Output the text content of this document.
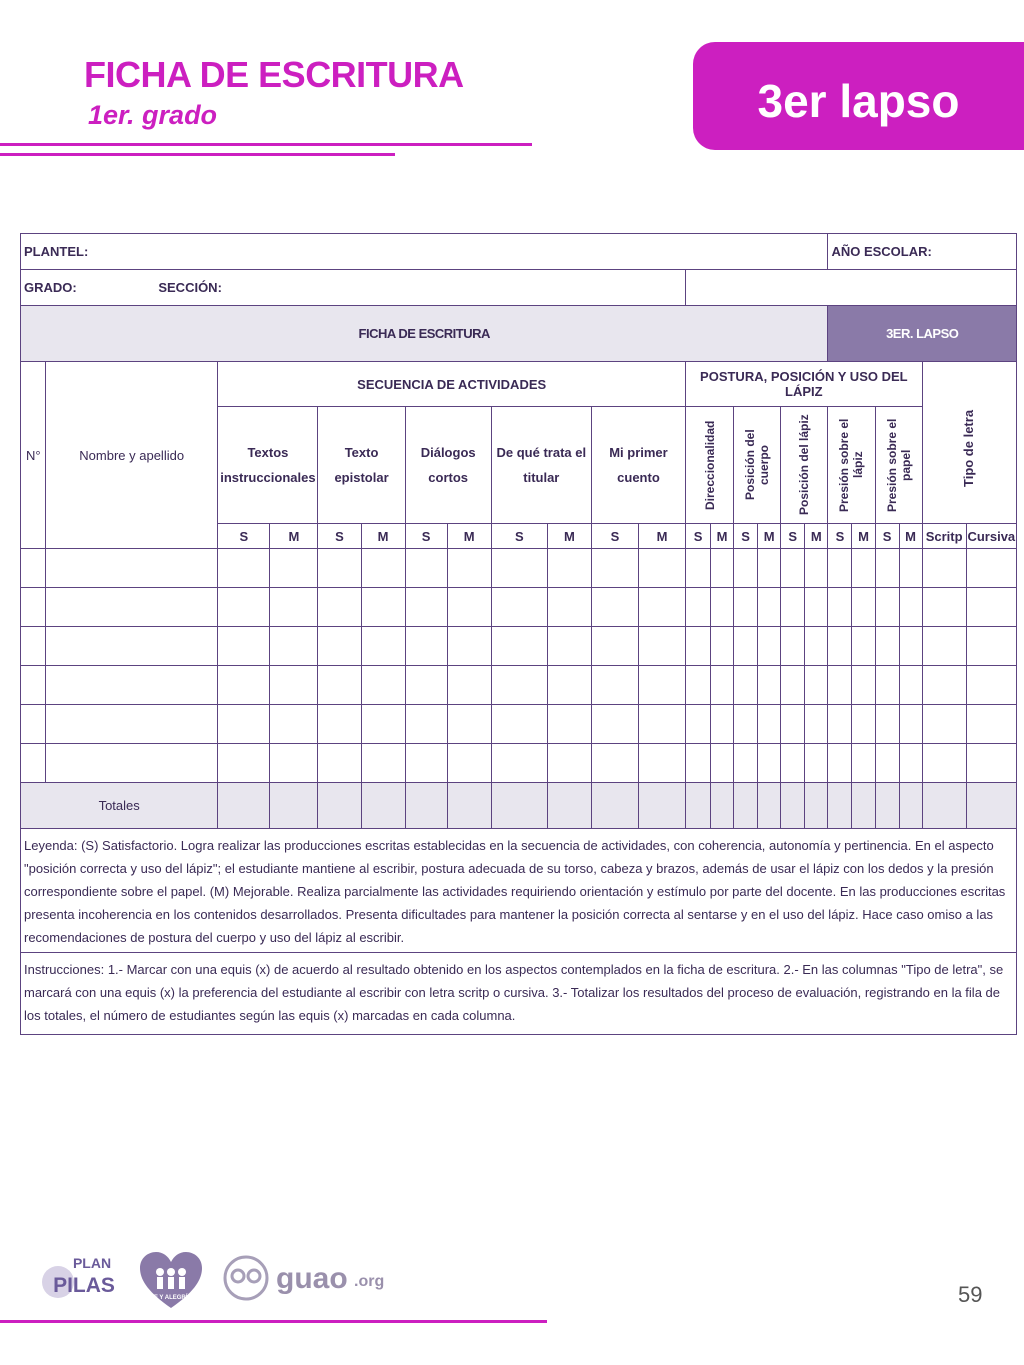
FICHA DE ESCRITURA
1er. grado	3er lapso
PLANTEL:																		AÑO ESCOLAR:					
GRADO: SECCIÓN:																							
FICHA DE ESCRITURA																		3ER. LAPSO					
N°	Nombre y apellido	SECUENCIA DE ACTIVIDADES										POSTURA, POSICIÓN Y USO DEL LÁPIZ										Tipo de letra	

		Textos instruccionales		Texto epistolar		Diálogos cortos		De qué trata el titular		Mi primer cuento		Direccionalidad		Posición del cuerpo		Posición del lápiz		Presión sobre el lápiz		Presión sobre el papel			

		S	M	S	M	S	M	S	M	S	M	S	M	S	M	S	M	S	M	S	M	Scritp	Cursiva

Totales																							
Leyenda: (S) Satisfactorio. Logra realizar las producciones escritas establecidas en la secuencia de actividades, con coherencia, autonomía y pertinencia. En el aspecto "posición correcta y uso del lápiz"; el estudiante mantiene al escribir, postura adecuada de su torso, cabeza y brazos, además de usar el lápiz con los dedos y la presión correspondiente sobre el papel. (M) Mejorable. Realiza parcialmente las actividades requiriendo orientación y estímulo por parte del docente. En las producciones escritas presenta incoherencia en los contenidos desarrollados. Presenta dificultades para mantener la posición correcta al sentarse y en el uso del lápiz. Hace caso omiso a las recomendaciones de postura del cuerpo y uso del lápiz al escribir.																							
Instrucciones: 1.- Marcar con una equis (x) de acuerdo al resultado obtenido en los aspectos contemplados en la ficha de escritura. 2.- En las columnas "Tipo de letra", se marcará con una equis (x) la preferencia del estudiante al escribir con letra scritp o cursiva. 3.- Totalizar los resultados del proceso de evaluación, registrando en la fila de los totales, el número de estudiantes según las equis (x) marcadas en cada columna.																							
PLAN
PILAS
FE Y ALEGRÍA
guao .org
59
